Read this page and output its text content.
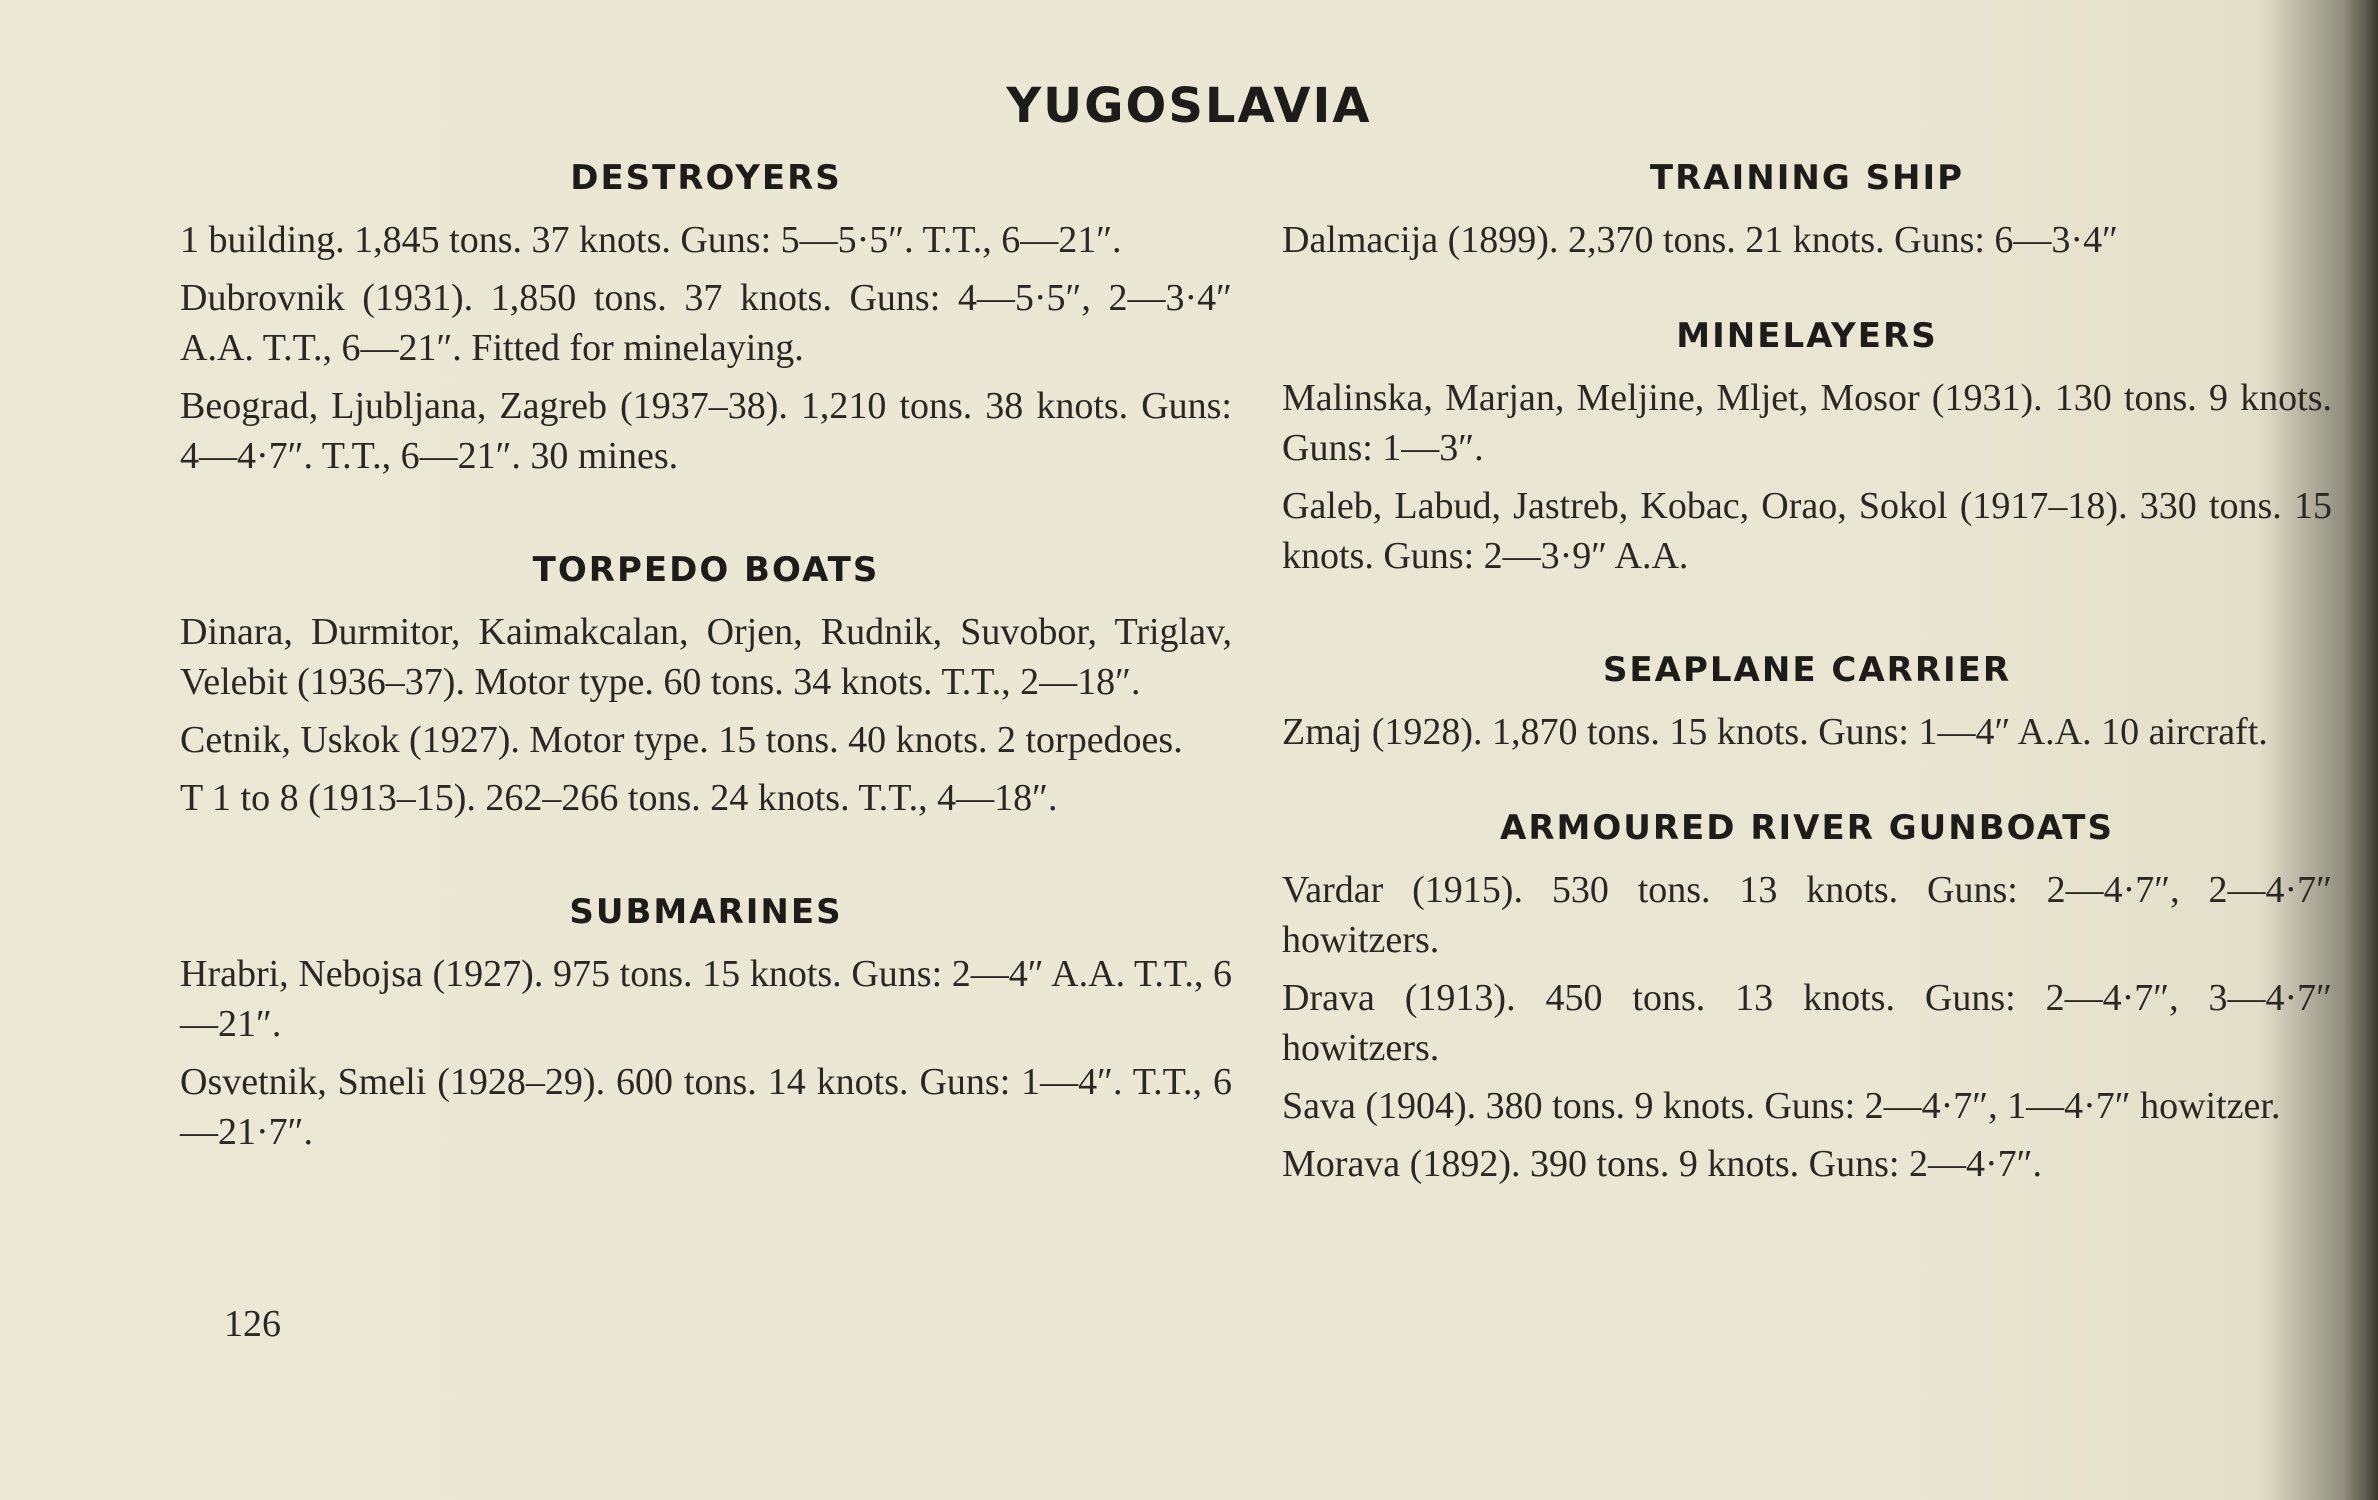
YUGOSLAVIA
DESTROYERS

1 building. 1,845 tons. 37 knots. Guns: 5—5·5″. T.T., 6—21″.

Dubrovnik (1931). 1,850 tons. 37 knots. Guns: 4—5·5″, 2—3·4″ A.A. T.T., 6—21″. Fitted for minelaying.

Beograd, Ljubljana, Zagreb (1937–38). 1,210 tons. 38 knots. Guns: 4—4·7″. T.T., 6—21″. 30 mines.

TORPEDO BOATS

Dinara, Durmitor, Kaimakcalan, Orjen, Rudnik, Suvobor, Triglav, Velebit (1936–37). Motor type. 60 tons. 34 knots. T.T., 2—18″.

Cetnik, Uskok (1927). Motor type. 15 tons. 40 knots. 2 torpedoes.

T 1 to 8 (1913–15). 262–266 tons. 24 knots. T.T., 4—18″.

SUBMARINES

Hrabri, Nebojsa (1927). 975 tons. 15 knots. Guns: 2—4″ A.A. T.T., 6—21″.

Osvetnik, Smeli (1928–29). 600 tons. 14 knots. Guns: 1—4″. T.T., 6—21·7″.

TRAINING SHIP

Dalmacija (1899). 2,370 tons. 21 knots. Guns: 6—3·4″

MINELAYERS

Malinska, Marjan, Meljine, Mljet, Mosor (1931). 130 tons. 9 knots. Guns: 1—3″.

Galeb, Labud, Jastreb, Kobac, Orao, Sokol (1917–18). 330 tons. 15 knots. Guns: 2—3·9″ A.A.

SEAPLANE CARRIER

Zmaj (1928). 1,870 tons. 15 knots. Guns: 1—4″ A.A. 10 aircraft.

ARMOURED RIVER GUNBOATS

Vardar (1915). 530 tons. 13 knots. Guns: 2—4·7″, 2—4·7″ howitzers.

Drava (1913). 450 tons. 13 knots. Guns: 2—4·7″, 3—4·7″ howitzers.

Sava (1904). 380 tons. 9 knots. Guns: 2—4·7″, 1—4·7″ howitzer.

Morava (1892). 390 tons. 9 knots. Guns: 2—4·7″.

126
